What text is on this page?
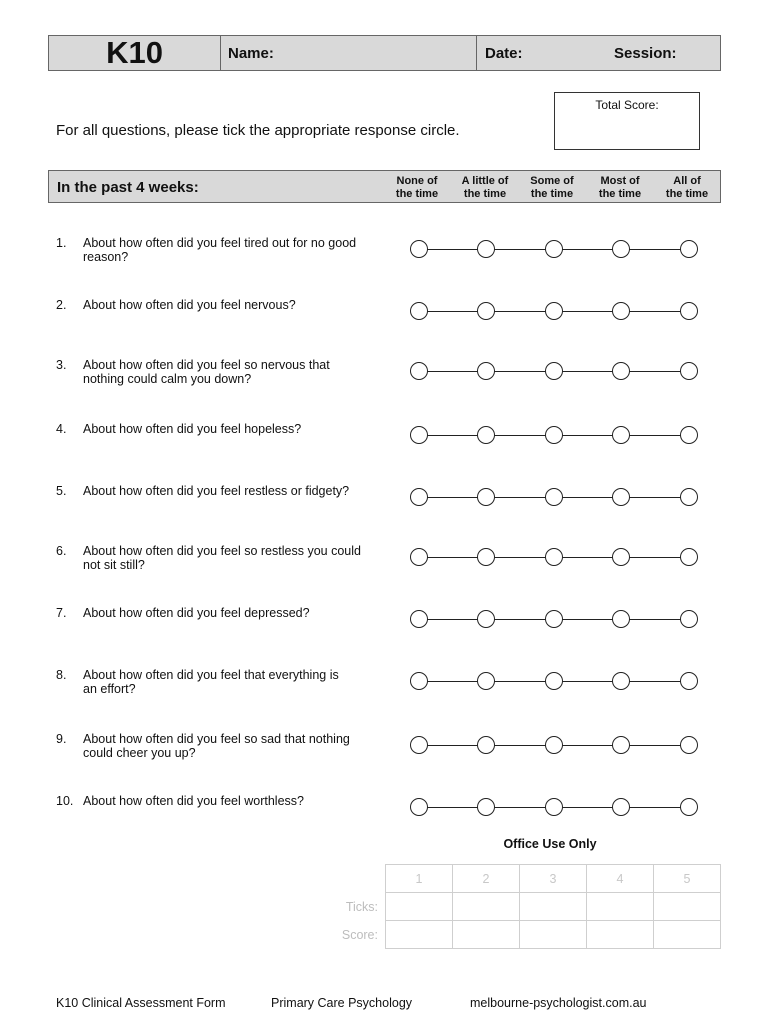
K10	Name:	Date:	Session:
Total Score:
For all questions, please tick the appropriate response circle.
In the past 4 weeks:	None of
the time
A little of
the time
Some of
the time
Most of
the time
All of
the time
1. About how often did you feel tired out for no good
reason?
2. About how often did you feel nervous?
3. About how often did you feel so nervous that
nothing could calm you down?
4. About how often did you feel hopeless?
5. About how often did you feel restless or fidgety?
6. About how often did you feel so restless you could
not sit still?
7. About how often did you feel depressed?
8. About how often did you feel that everything is
an effort?
9. About how often did you feel so sad that nothing
could cheer you up?
10. About how often did you feel worthless?
Office Use Only
1	2	3	4	5

Ticks:
Score:
K10 Clinical Assessment Form	Primary Care Psychology	melbourne-psychologist.com.au
